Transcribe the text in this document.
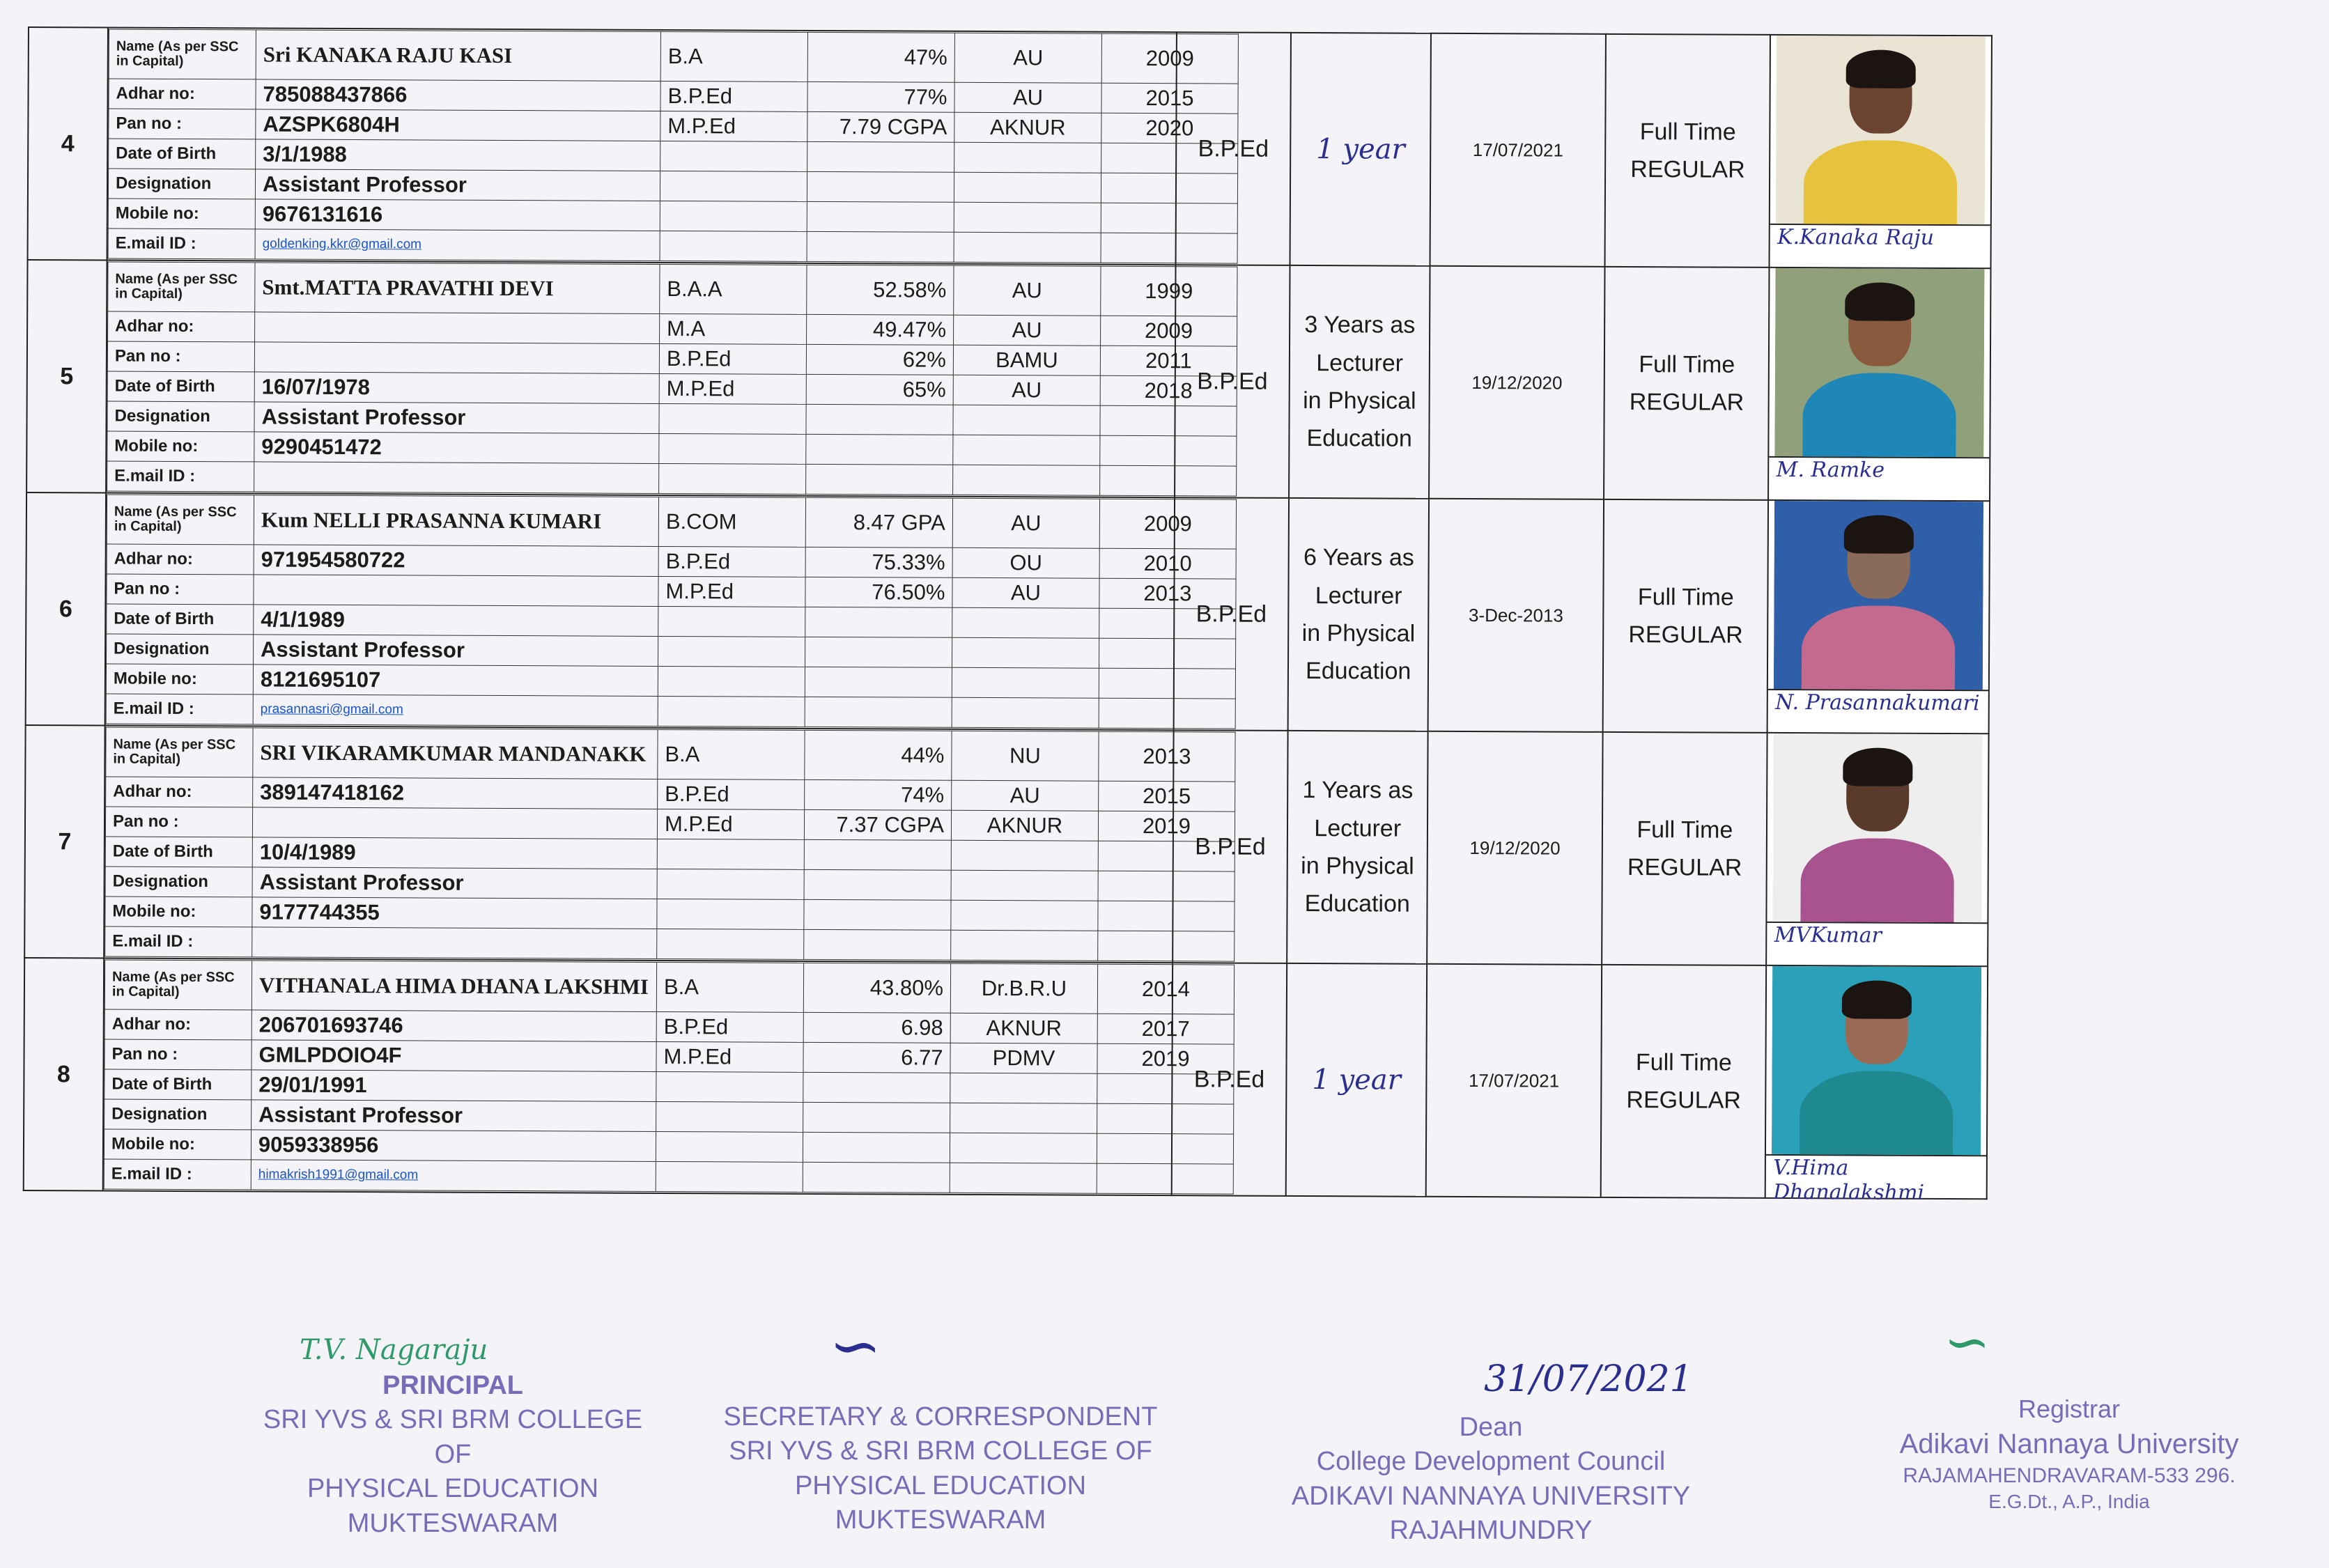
4	
Name (As per SSC in Capital)	Sri KANAKA RAJU KASI	B.A	47%	AU	2009
Adhar no:	785088437866	B.P.Ed	77%	AU	2015
Pan no :	AZSPK6804H	M.P.Ed	7.79 CGPA	AKNUR	2020
Date of Birth	3/1/1988				
Designation	Assistant Professor				
Mobile no:	9676131616				
E.mail ID :	goldenking.kkr@gmail.com				
	B.P.Ed	1 year	17/07/2021	
Full Time
REGULAR

K.Kanaka Raju

5	
Name (As per SSC in Capital)	Smt.MATTA PRAVATHI DEVI	B.A.A	52.58%	AU	1999
Adhar no:		M.A	49.47%	AU	2009
Pan no :		B.P.Ed	62%	BAMU	2011
Date of Birth	16/07/1978	M.P.Ed	65%	AU	2018
Designation	Assistant Professor				
Mobile no:	9290451472				
E.mail ID :					
	B.P.Ed	
3 Years as
Lecturer
in Physical
Education
	19/12/2020	
Full Time
REGULAR

M. Ramke

6	
Name (As per SSC in Capital)	Kum NELLI PRASANNA KUMARI	B.COM	8.47 GPA	AU	2009
Adhar no:	971954580722	B.P.Ed	75.33%	OU	2010
Pan no :		M.P.Ed	76.50%	AU	2013
Date of Birth	4/1/1989				
Designation	Assistant Professor				
Mobile no:	8121695107				
E.mail ID :	prasannasri@gmail.com				
	B.P.Ed	
6 Years as
Lecturer
in Physical
Education
	3-Dec-2013	
Full Time
REGULAR

N. Prasannakumari

7	
Name (As per SSC in Capital)	SRI VIKARAMKUMAR MANDANAKK	B.A	44%	NU	2013
Adhar no:	389147418162	B.P.Ed	74%	AU	2015
Pan no :		M.P.Ed	7.37 CGPA	AKNUR	2019
Date of Birth	10/4/1989				
Designation	Assistant Professor				
Mobile no:	9177744355				
E.mail ID :					
	B.P.Ed	
1 Years as
Lecturer
in Physical
Education
	19/12/2020	
Full Time
REGULAR

MVKumar

8	
Name (As per SSC in Capital)	VITHANALA HIMA DHANA LAKSHMI	B.A	43.80%	Dr.B.R.U	2014
Adhar no:	206701693746	B.P.Ed	6.98	AKNUR	2017
Pan no :	GMLPDOIO4F	M.P.Ed	6.77	PDMV	2019
Date of Birth	29/01/1991				
Designation	Assistant Professor				
Mobile no:	9059338956				
E.mail ID :	himakrish1991@gmail.com				
	B.P.Ed	1 year	17/07/2021	
Full Time
REGULAR

V.Hima Dhanalakshmi
T.V. Nagaraju
PRINCIPAL
SRI YVS & SRI BRM COLLEGE OF
PHYSICAL EDUCATION
MUKTESWARAM
∽
SECRETARY & CORRESPONDENT
SRI YVS & SRI BRM COLLEGE OF
PHYSICAL EDUCATION
MUKTESWARAM
31/07/2021
Dean
College Development Council
ADIKAVI NANNAYA UNIVERSITY
RAJAHMUNDRY
∽
Registrar
Adikavi Nannaya University
RAJAMAHENDRAVARAM-533 296.
E.G.Dt., A.P., India
